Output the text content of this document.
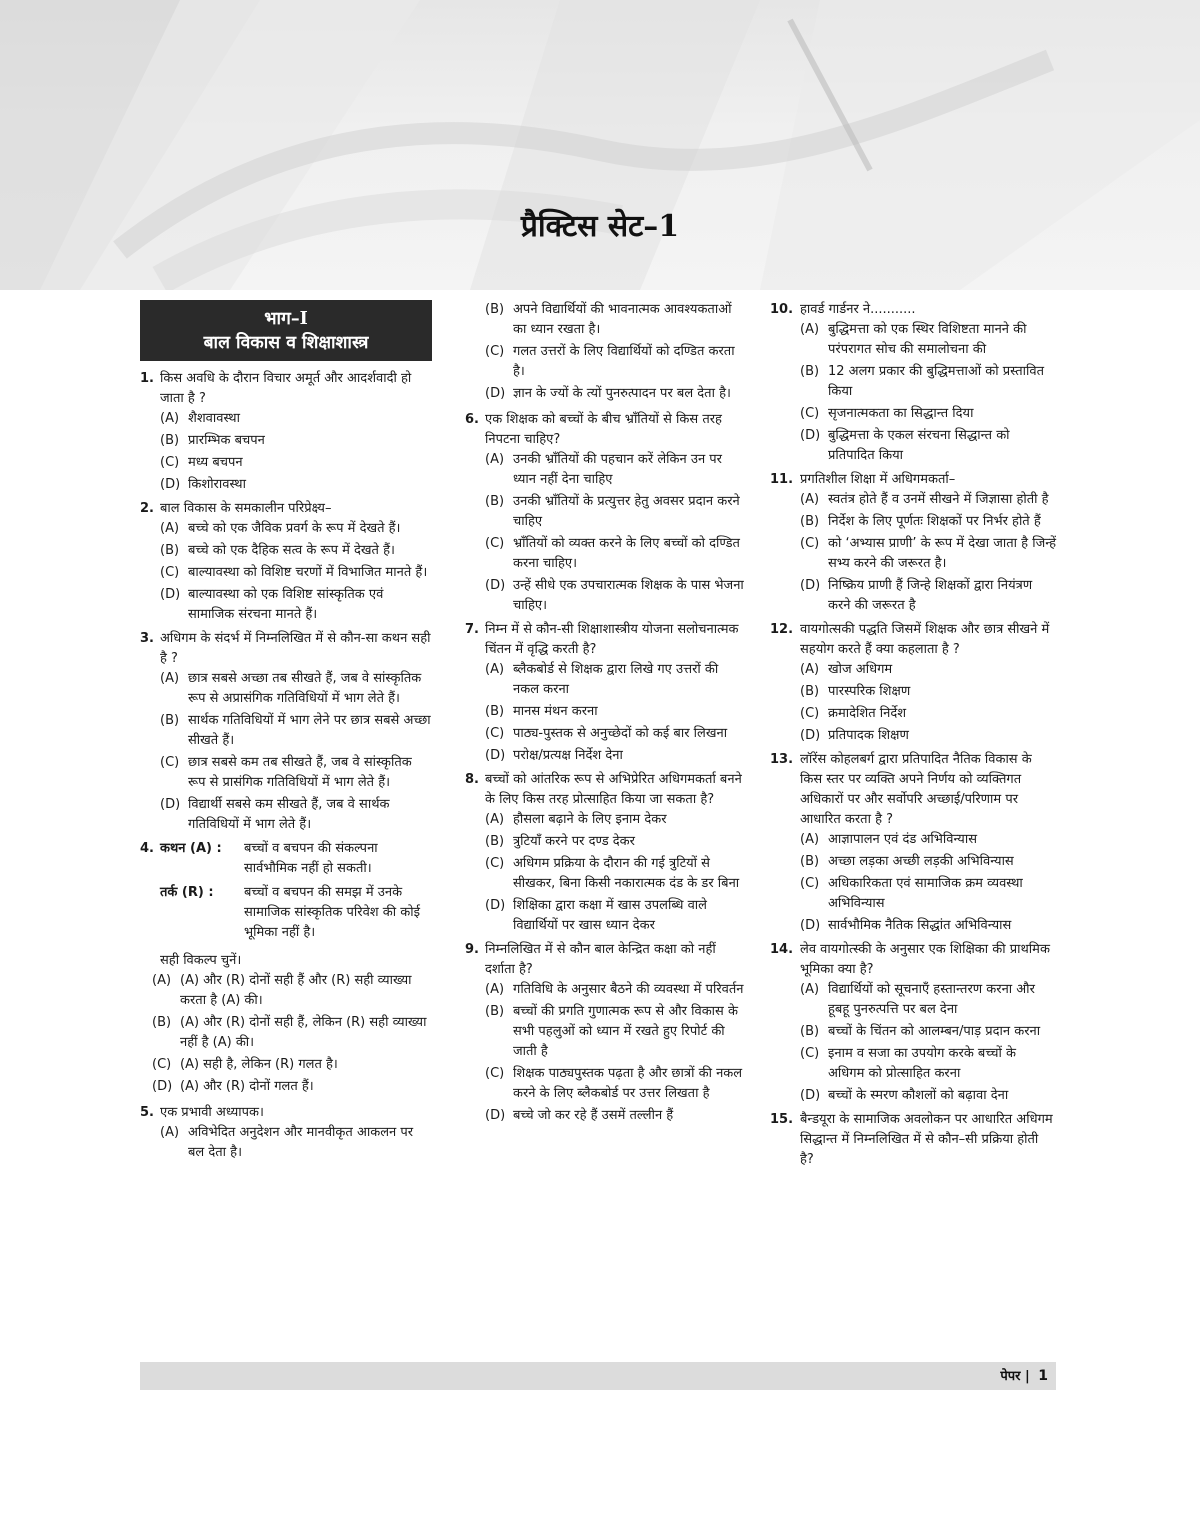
प्रैक्टिस सेट–1
भाग–I
बाल विकास व शिक्षाशास्त्र
1. किस अवधि के दौरान विचार अमूर्त और आदर्शवादी हो जाता है ?
(A) शैशवावस्था
(B) प्रारम्भिक बचपन
(C) मध्य बचपन
(D) किशोरावस्था
2. बाल विकास के समकालीन परिप्रेक्ष्य–
(A) बच्चे को एक जैविक प्रवर्ग के रूप में देखते हैं।
(B) बच्चे को एक दैहिक सत्व के रूप में देखते हैं।
(C) बाल्यावस्था को विशिष्ट चरणों में विभाजित मानते हैं।
(D) बाल्यावस्था को एक विशिष्ट सांस्कृतिक एवं सामाजिक संरचना मानते हैं।
3. अधिगम के संदर्भ में निम्नलिखित में से कौन-सा कथन सही है ?
(A) छात्र सबसे अच्छा तब सीखते हैं, जब वे सांस्कृतिक रूप से अप्रासंगिक गतिविधियों में भाग लेते हैं।
(B) सार्थक गतिविधियों में भाग लेने पर छात्र सबसे अच्छा सीखते हैं।
(C) छात्र सबसे कम तब सीखते हैं, जब वे सांस्कृतिक रूप से प्रासंगिक गतिविधियों में भाग लेते हैं।
(D) विद्यार्थी सबसे कम सीखते हैं, जब वे सार्थक गतिविधियों में भाग लेते हैं।
4. कथन (A) :	बच्चों व बचपन की संकल्पना सार्वभौमिक नहीं हो सकती।
तर्क (R) :	बच्चों व बचपन की समझ में उनके सामाजिक सांस्कृतिक परिवेश की कोई भूमिका नहीं है।
सही विकल्प चुनें।
(A) (A) और (R) दोनों सही हैं और (R) सही व्याख्या करता है (A) की।
(B) (A) और (R) दोनों सही हैं, लेकिन (R) सही व्याख्या नहीं है (A) की।
(C) (A) सही है, लेकिन (R) गलत है।
(D) (A) और (R) दोनों गलत हैं।
5. एक प्रभावी अध्यापक।
(A) अविभेदित अनुदेशन और मानवीकृत आकलन पर बल देता है।
(B) अपने विद्यार्थियों की भावनात्मक आवश्यकताओं का ध्यान रखता है।
(C) गलत उत्तरों के लिए विद्यार्थियों को दण्डित करता है।
(D) ज्ञान के ज्यों के त्यों पुनरुत्पादन पर बल देता है।
6. एक शिक्षक को बच्चों के बीच भ्राँतियों से किस तरह निपटना चाहिए?
(A) उनकी भ्राँतियों की पहचान करें लेकिन उन पर ध्यान नहीं देना चाहिए
(B) उनकी भ्राँतियों के प्रत्युत्तर हेतु अवसर प्रदान करने चाहिए
(C) भ्राँतियों को व्यक्त करने के लिए बच्चों को दण्डित करना चाहिए।
(D) उन्हें सीधे एक उपचारात्मक शिक्षक के पास भेजना चाहिए।
7. निम्न में से कौन-सी शिक्षाशास्त्रीय योजना सलोचनात्मक चिंतन में वृद्धि करती है?
(A) ब्लैकबोर्ड से शिक्षक द्वारा लिखे गए उत्तरों की नकल करना
(B) मानस मंथन करना
(C) पाठ्य-पुस्तक से अनुच्छेदों को कई बार लिखना
(D) परोक्ष/प्रत्यक्ष निर्देश देना
8. बच्चों को आंतरिक रूप से अभिप्रेरित अधिगमकर्ता बनने के लिए किस तरह प्रोत्साहित किया जा सकता है?
(A) हौसला बढ़ाने के लिए इनाम देकर
(B) त्रुटियाँ करने पर दण्ड देकर
(C) अधिगम प्रक्रिया के दौरान की गई त्रुटियों से सीखकर, बिना किसी नकारात्मक दंड के डर बिना
(D) शिक्षिका द्वारा कक्षा में खास उपलब्धि वाले विद्यार्थियों पर खास ध्यान देकर
9. निम्नलिखित में से कौन बाल केन्द्रित कक्षा को नहीं दर्शाता है?
(A) गतिविधि के अनुसार बैठने की व्यवस्था में परिवर्तन
(B) बच्चों की प्रगति गुणात्मक रूप से और विकास के सभी पहलुओं को ध्यान में रखते हुए रिपोर्ट की जाती है
(C) शिक्षक पाठ्यपुस्तक पढ़ता है और छात्रों की नकल करने के लिए ब्लैकबोर्ड पर उत्तर लिखता है
(D) बच्चे जो कर रहे हैं उसमें तल्लीन हैं
10. हावर्ड गार्डनर ने...........
(A) बुद्धिमत्ता को एक स्थिर विशिष्टता मानने की परंपरागत सोच की समालोचना की
(B) 12 अलग प्रकार की बुद्धिमत्ताओं को प्रस्तावित किया
(C) सृजनात्मकता का सिद्धान्त दिया
(D) बुद्धिमत्ता के एकल संरचना सिद्धान्त को प्रतिपादित किया
11. प्रगतिशील शिक्षा में अधिगमकर्ता–
(A) स्वतंत्र होते हैं व उनमें सीखने में जिज्ञासा होती है
(B) निर्देश के लिए पूर्णतः शिक्षकों पर निर्भर होते हैं
(C) को ‘अभ्यास प्राणी’ के रूप में देखा जाता है जिन्हें सभ्य करने की जरूरत है।
(D) निष्क्रिय प्राणी हैं जिन्हे शिक्षकों द्वारा नियंत्रण करने की जरूरत है
12. वायगोत्सकी पद्धति जिसमें शिक्षक और छात्र सीखने में सहयोग करते हैं क्या कहलाता है ?
(A) खोज अधिगम
(B) पारस्परिक शिक्षण
(C) क्रमादेशित निर्देश
(D) प्रतिपादक शिक्षण
13. लॉरेंस कोहलबर्ग द्वारा प्रतिपादित नैतिक विकास के किस स्तर पर व्यक्ति अपने निर्णय को व्यक्तिगत अधिकारों पर और सर्वोपरि अच्छाई/परिणाम पर आधारित करता है ?
(A) आज्ञापालन एवं दंड अभिविन्यास
(B) अच्छा लड़का अच्छी लड़की अभिविन्यास
(C) अधिकारिकता एवं सामाजिक क्रम व्यवस्था अभिविन्यास
(D) सार्वभौमिक नैतिक सिद्धांत अभिविन्यास
14. लेव वायगोत्स्की के अनुसार एक शिक्षिका की प्राथमिक भूमिका क्या है?
(A) विद्यार्थियों को सूचनाएँ हस्तान्तरण करना और हूबहू पुनरुत्पत्ति पर बल देना
(B) बच्चों के चिंतन को आलम्बन/पाड़ प्रदान करना
(C) इनाम व सजा का उपयोग करके बच्चों के अधिगम को प्रोत्साहित करना
(D) बच्चों के स्मरण कौशलों को बढ़ावा देना
15. बैन्डयूरा के सामाजिक अवलोकन पर आधारित अधिगम सिद्धान्त में निम्नलिखित में से कौन–सी प्रक्रिया होती है?
पेपर | 1
